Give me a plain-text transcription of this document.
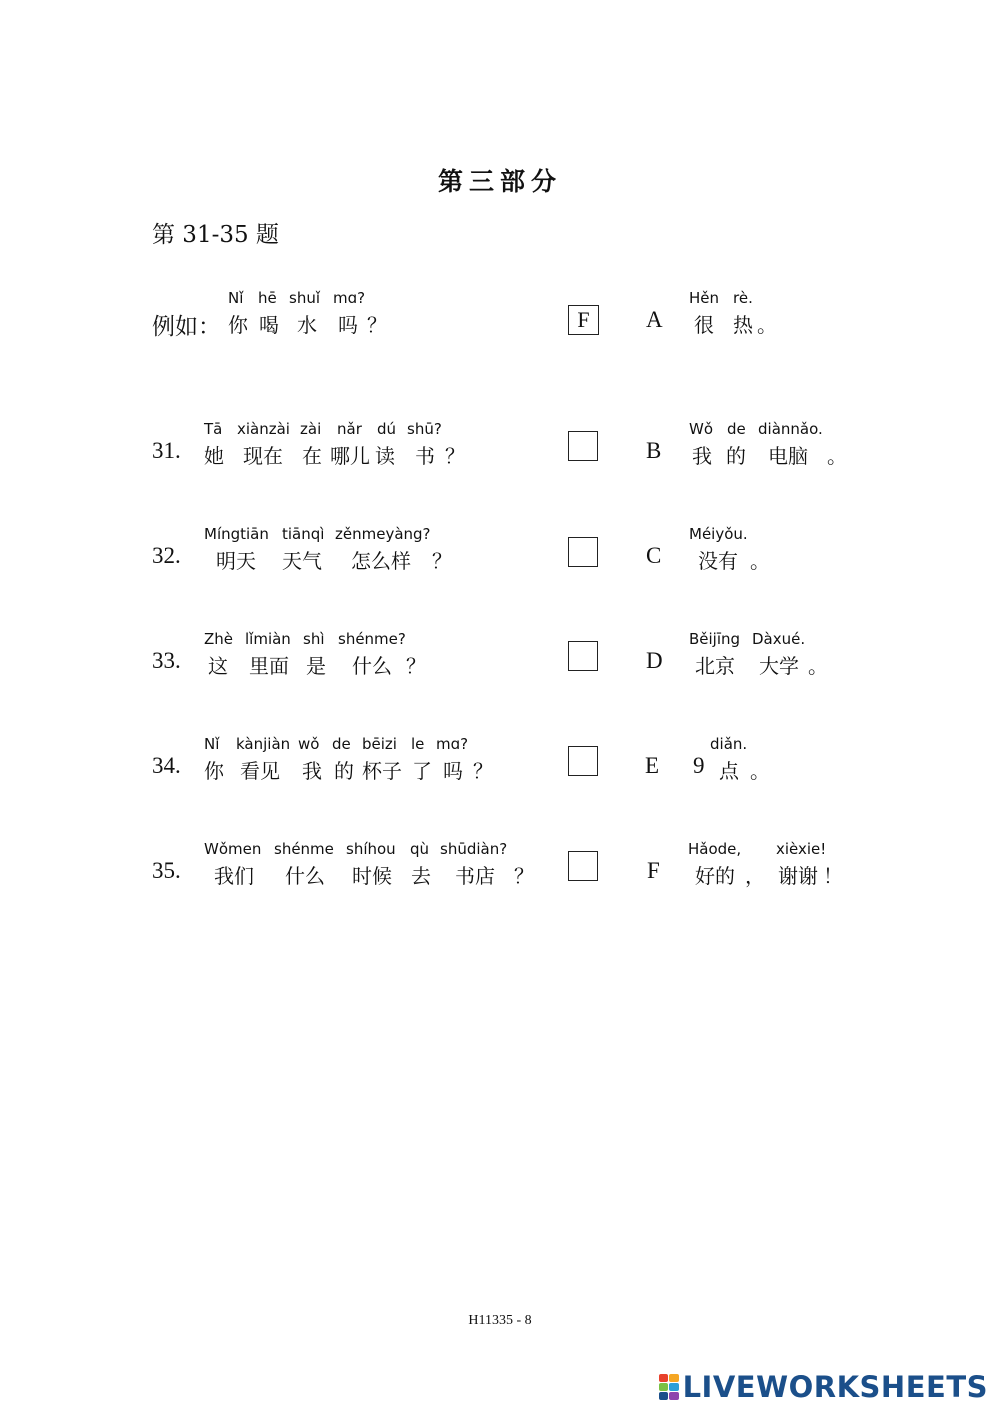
第三部分
第 31-35 题
Nǐ hē shuǐ mɑ?
例如： 你 喝 水 吗 ？	F
Tā xiànzài zài nǎr dú shū?
31. 她 现在 在 哪儿 读 书 ？
Míngtiān tiānqì zěnmeyàng?
32. 明天 天气 怎么样 ？
Zhè lǐmiàn shì shénme?
33. 这 里面 是 什么 ？
Nǐ kànjiàn wǒ de bēizi le mɑ?
34. 你 看见 我 的 杯子 了 吗 ？
Wǒmen shénme shíhou qù shūdiàn?
35. 我们 什么 时候 去 书店 ？
Hěn rè.
A 很 热 。
Wǒ de diànnǎo.
B 我 的 电脑 。
Méiyǒu.
C 没有 。
Běijīng Dàxué.
D 北京 大学 。
diǎn.
E 9 点 。
Hǎode, xièxie!
F 好的 ， 谢谢 ！
H11335 - 8
LIVEWORKSHEETS
